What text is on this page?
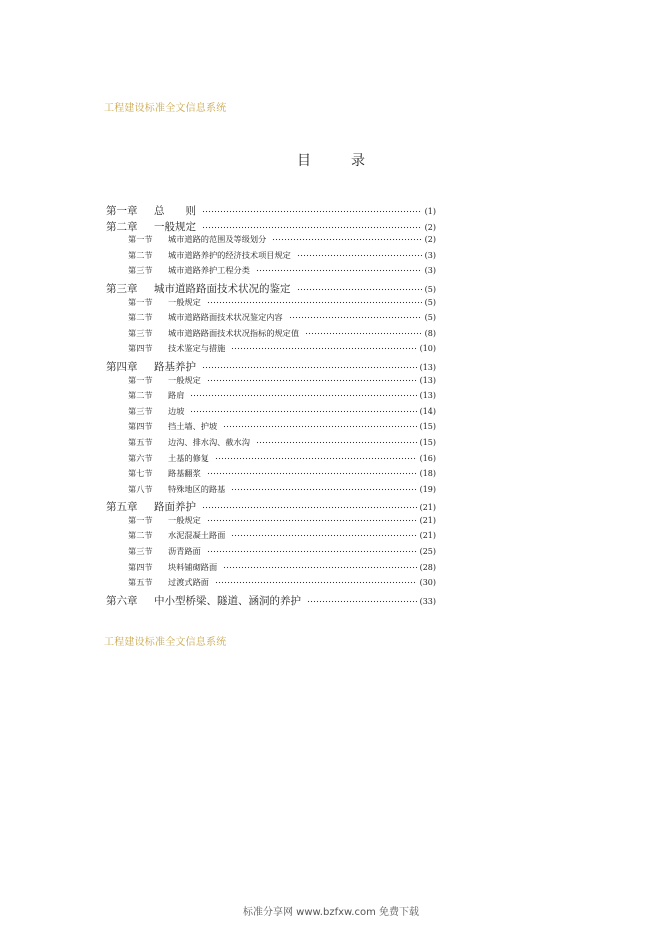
工程建设标准全文信息系统
目	录
第一章	总　　则	(1)
第二章	一般规定	(2)
第一节	城市道路的范围及等级划分	(2)
第二节	城市道路养护的经济技术项目规定	(3)
第三节	城市道路养护工程分类	(3)
第三章	城市道路路面技术状况的鉴定	(5)
第一节	一般规定	(5)
第二节	城市道路路面技术状况鉴定内容	(5)
第三节	城市道路路面技术状况指标的规定值	(8)
第四节	技术鉴定与措施	(10)
第四章	路基养护	(13)
第一节	一般规定	(13)
第二节	路肩	(13)
第三节	边坡	(14)
第四节	挡土墙、护坡	(15)
第五节	边沟、排水沟、截水沟	(15)
第六节	土基的修复	(16)
第七节	路基翻浆	(18)
第八节	特殊地区的路基	(19)
第五章	路面养护	(21)
第一节	一般规定	(21)
第二节	水泥混凝土路面	(21)
第三节	沥青路面	(25)
第四节	块料铺砌路面	(28)
第五节	过渡式路面	(30)
第六章	中小型桥梁、隧道、涵洞的养护	(33)
工程建设标准全文信息系统
标准分享网 www.bzfxw.com 免费下载
